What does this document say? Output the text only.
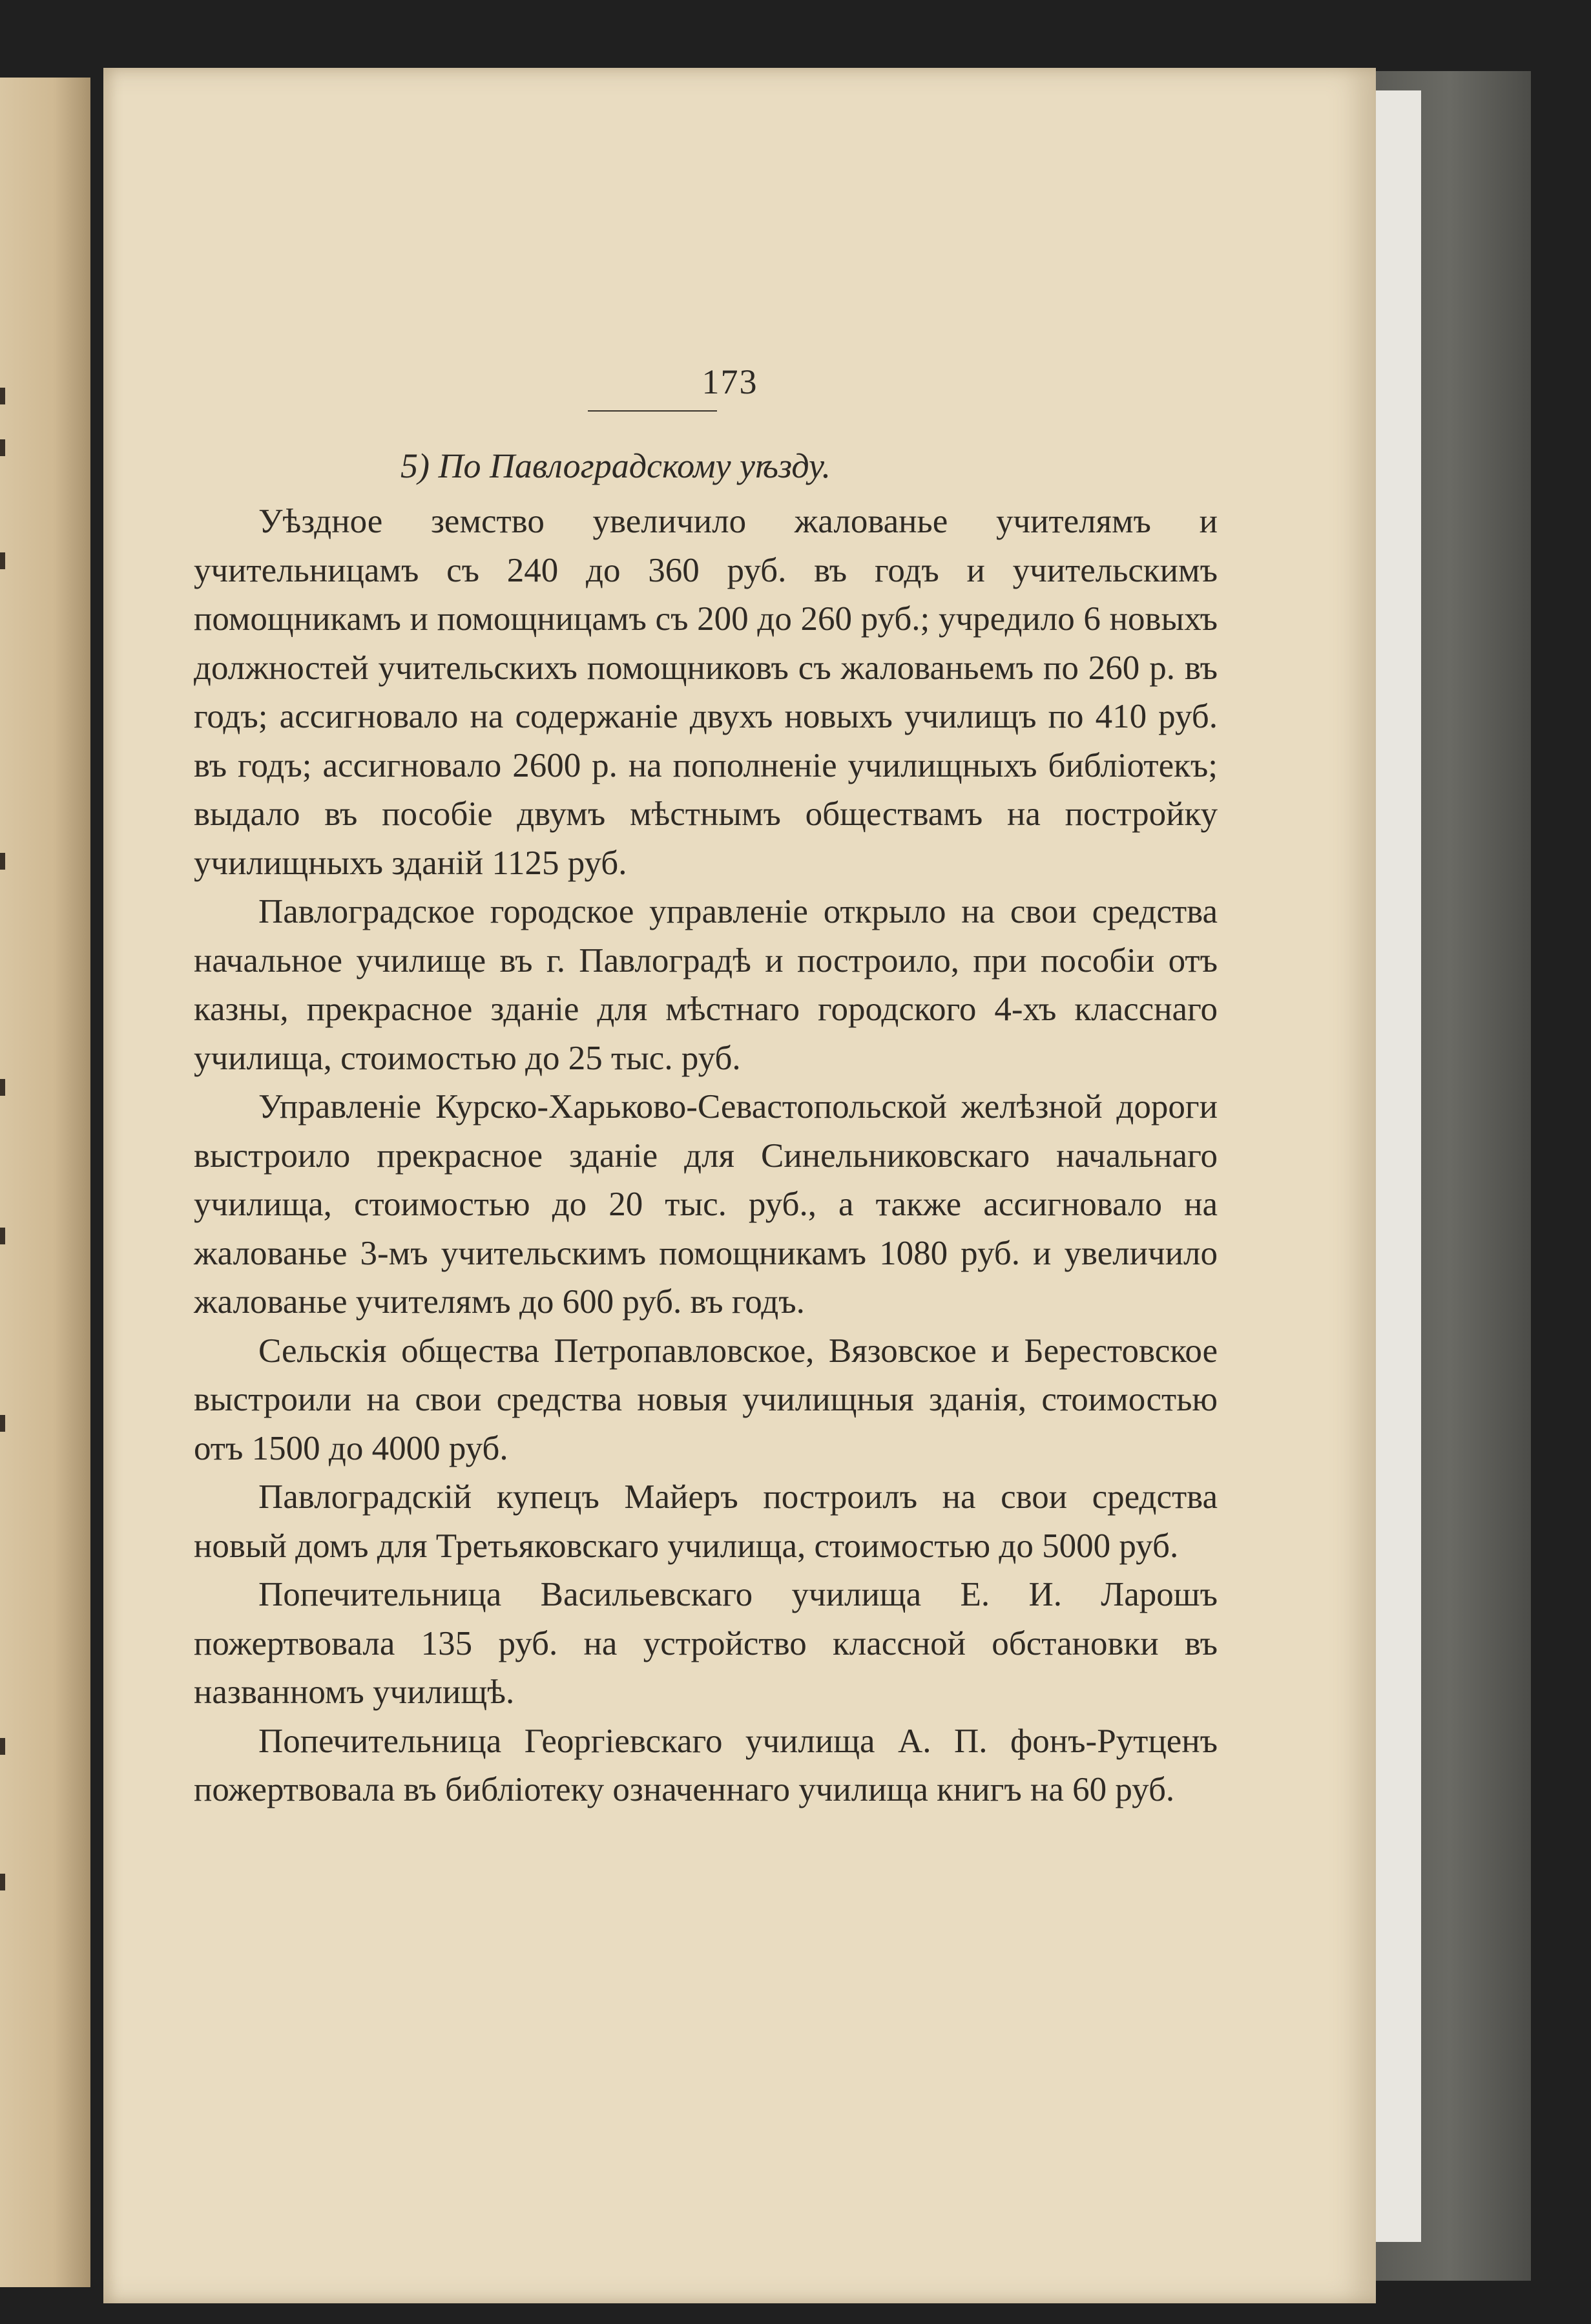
173
5) По Павлоградскому уѣзду.

Уѣздное земство увеличило жалованье учителямъ и учительницамъ съ 240 до 360 руб. въ годъ и учительскимъ помощникамъ и помощницамъ съ 200 до 260 руб.; учредило 6 новыхъ должностей учительскихъ помощниковъ съ жалованьемъ по 260 р. въ годъ; ассигновало на содержаніе двухъ новыхъ училищъ по 410 руб. въ годъ; ассигновало 2600 р. на пополненіе училищныхъ библіотекъ; выдало въ пособіе двумъ мѣстнымъ обществамъ на постройку училищныхъ зданій 1125 руб.

Павлоградское городское управленіе открыло на свои средства начальное училище въ г. Павлоградѣ и построило, при пособіи отъ казны, прекрасное зданіе для мѣстнаго городского 4-хъ класснаго училища, стоимостью до 25 тыс. руб.

Управленіе Курско-Харьково-Севастопольской желѣзной дороги выстроило прекрасное зданіе для Синельниковскаго начальнаго училища, стоимостью до 20 тыс. руб., а также ассигновало на жалованье 3-мъ учительскимъ помощникамъ 1080 руб. и увеличило жалованье учителямъ до 600 руб. въ годъ.

Сельскія общества Петропавловское, Вязовское и Берестовское выстроили на свои средства новыя училищныя зданія, стоимостью отъ 1500 до 4000 руб.

Павлоградскій купецъ Майеръ построилъ на свои средства новый домъ для Третьяковскаго училища, стоимостью до 5000 руб.

Попечительница Васильевскаго училища Е. И. Ларошъ пожертвовала 135 руб. на устройство классной обстановки въ названномъ училищѣ.

Попечительница Георгіевскаго училища А. П. фонъ-Рутценъ пожертвовала въ библіотеку означеннаго училища книгъ на 60 руб.
